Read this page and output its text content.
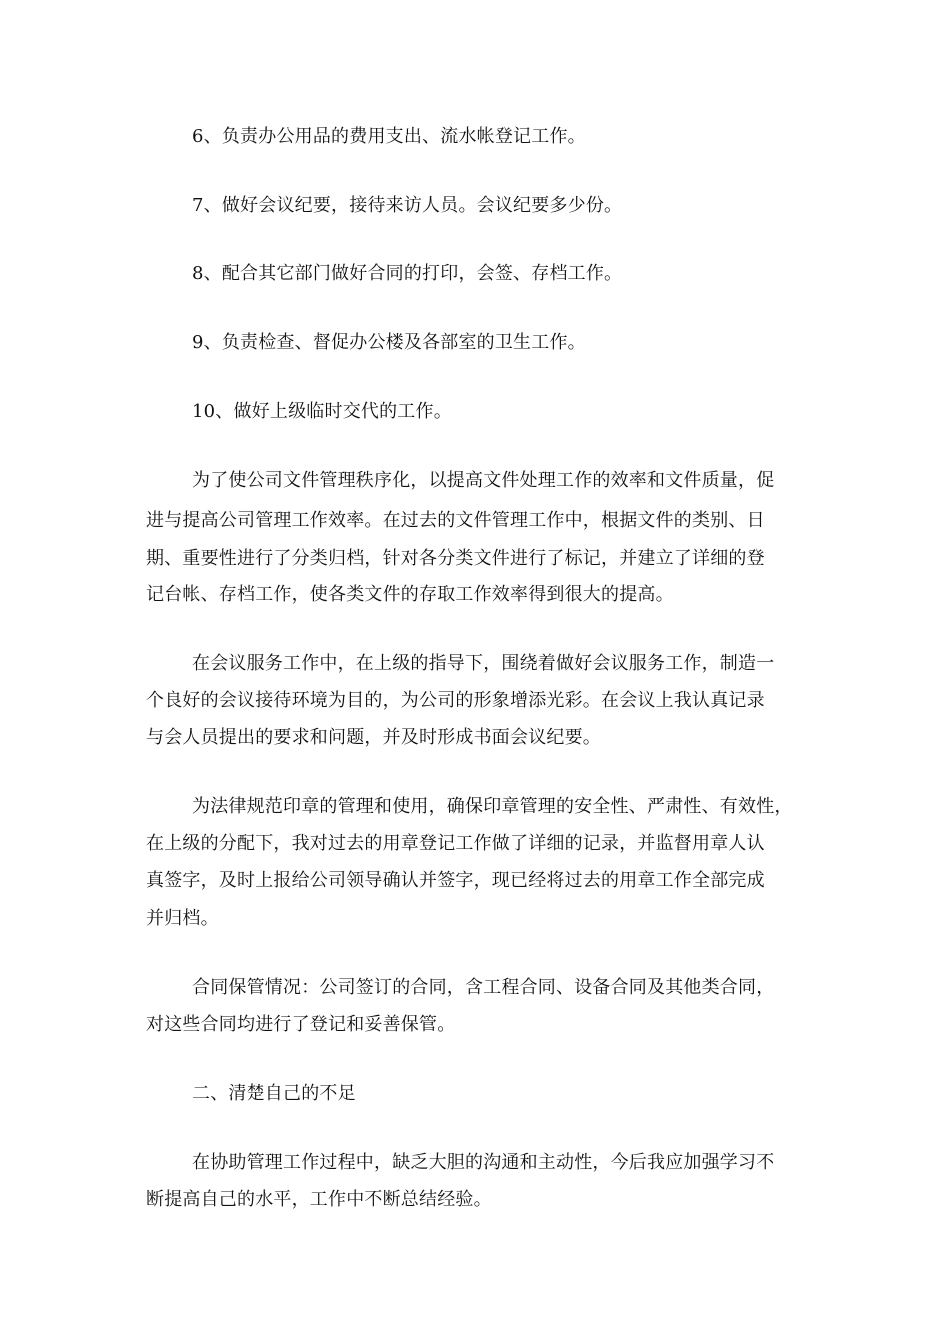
6、负责办公用品的费用支出、流水帐登记工作。
7、做好会议纪要，接待来访人员。会议纪要多少份。
8、配合其它部门做好合同的打印，会签、存档工作。
9、负责检查、督促办公楼及各部室的卫生工作。
10、做好上级临时交代的工作。
为了使公司文件管理秩序化，以提高文件处理工作的效率和文件质量，促
进与提高公司管理工作效率。在过去的文件管理工作中，根据文件的类别、日
期、重要性进行了分类归档，针对各分类文件进行了标记，并建立了详细的登
记台帐、存档工作，使各类文件的存取工作效率得到很大的提高。
在会议服务工作中，在上级的指导下，围绕着做好会议服务工作，制造一
个良好的会议接待环境为目的，为公司的形象增添光彩。在会议上我认真记录
与会人员提出的要求和问题，并及时形成书面会议纪要。
为法律规范印章的管理和使用，确保印章管理的安全性、严肃性、有效性，
在上级的分配下，我对过去的用章登记工作做了详细的记录，并监督用章人认
真签字，及时上报给公司领导确认并签字，现已经将过去的用章工作全部完成
并归档。
合同保管情况：公司签订的合同，含工程合同、设备合同及其他类合同，
对这些合同均进行了登记和妥善保管。
二、清楚自己的不足
在协助管理工作过程中，缺乏大胆的沟通和主动性，今后我应加强学习不
断提高自己的水平，工作中不断总结经验。
